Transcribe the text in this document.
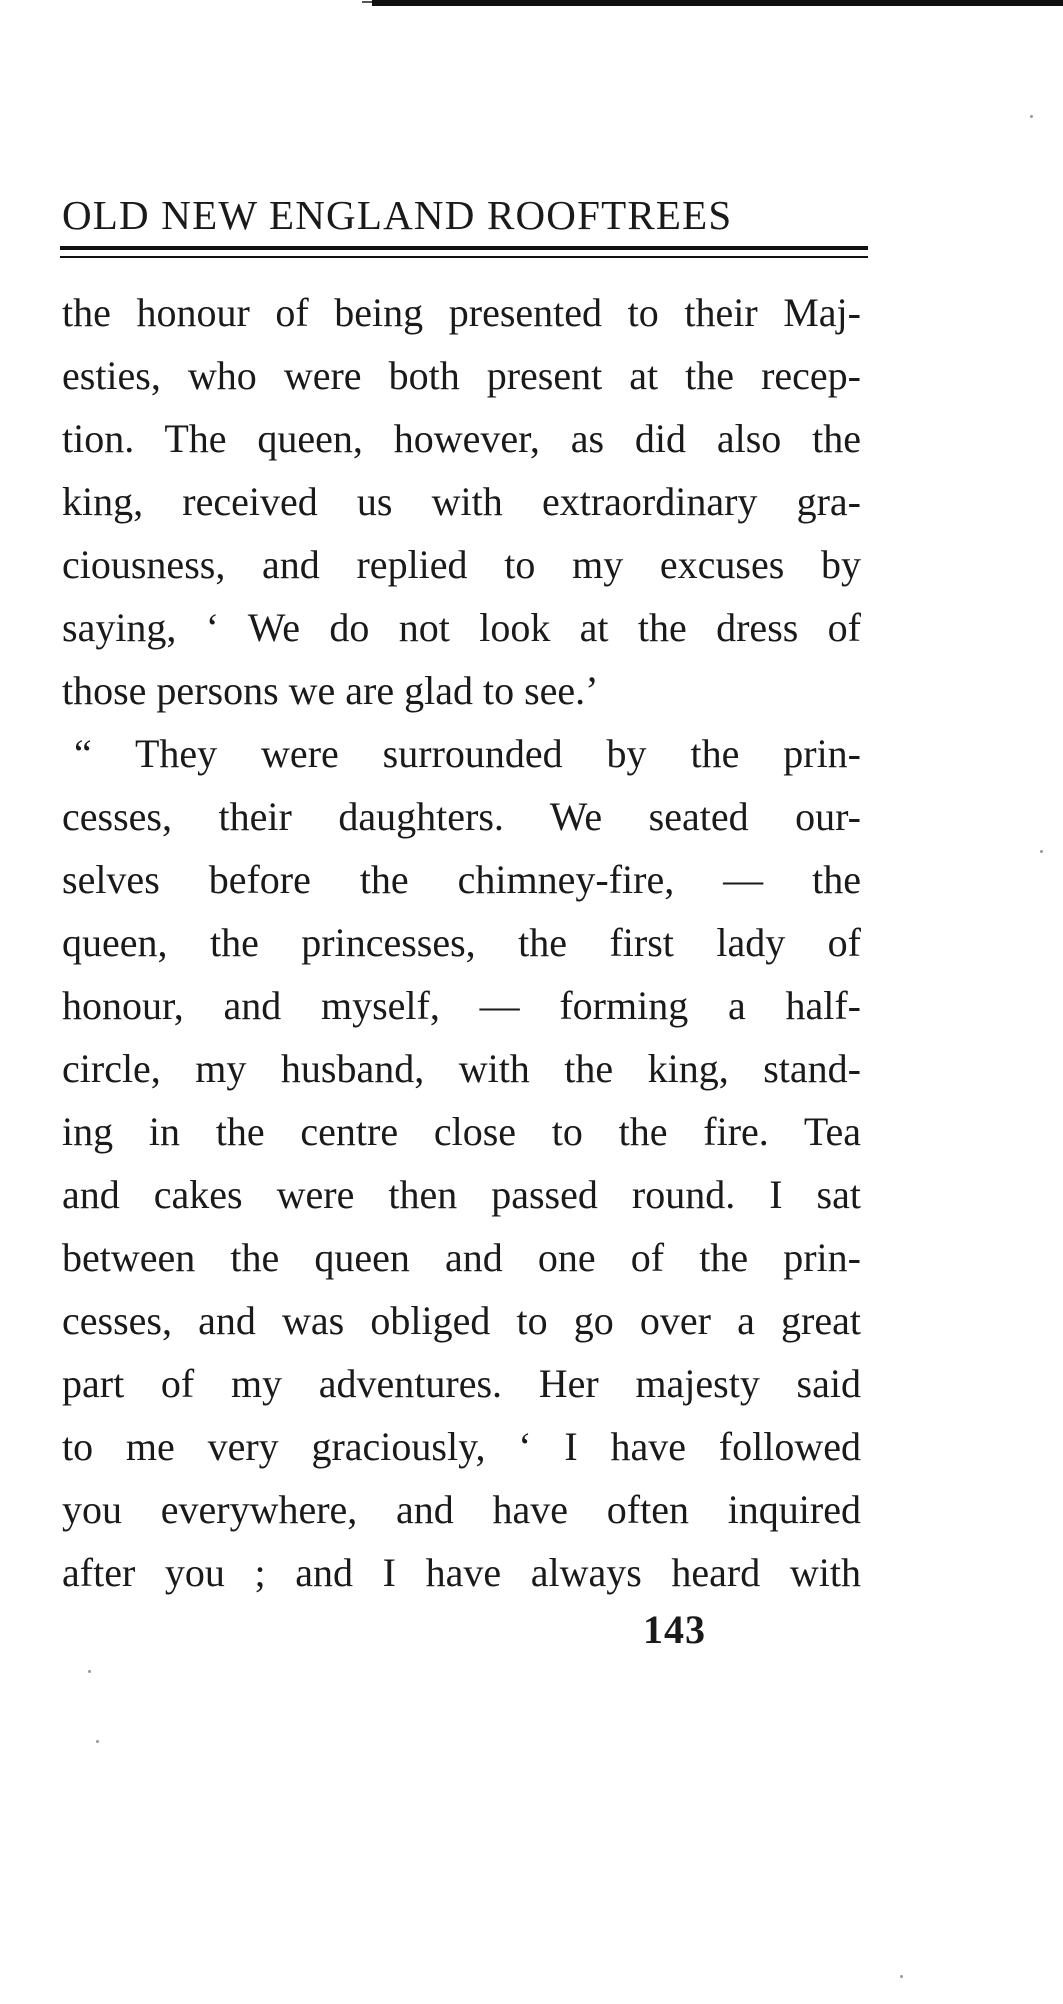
OLD NEW ENGLAND ROOFTREES
the honour of being presented to their Maj-
esties, who were both present at the recep-
tion. The queen, however, as did also the
king, received us with extraordinary gra-
ciousness, and replied to my excuses by
saying, ‘ We do not look at the dress of
those persons we are glad to see.’
“ They were surrounded by the prin-
cesses, their daughters. We seated our-
selves before the chimney-fire, — the
queen, the princesses, the first lady of
honour, and myself, — forming a half-
circle, my husband, with the king, stand-
ing in the centre close to the fire. Tea
and cakes were then passed round. I sat
between the queen and one of the prin-
cesses, and was obliged to go over a great
part of my adventures. Her majesty said
to me very graciously, ‘ I have followed
you everywhere, and have often inquired
after you ; and I have always heard with
143
